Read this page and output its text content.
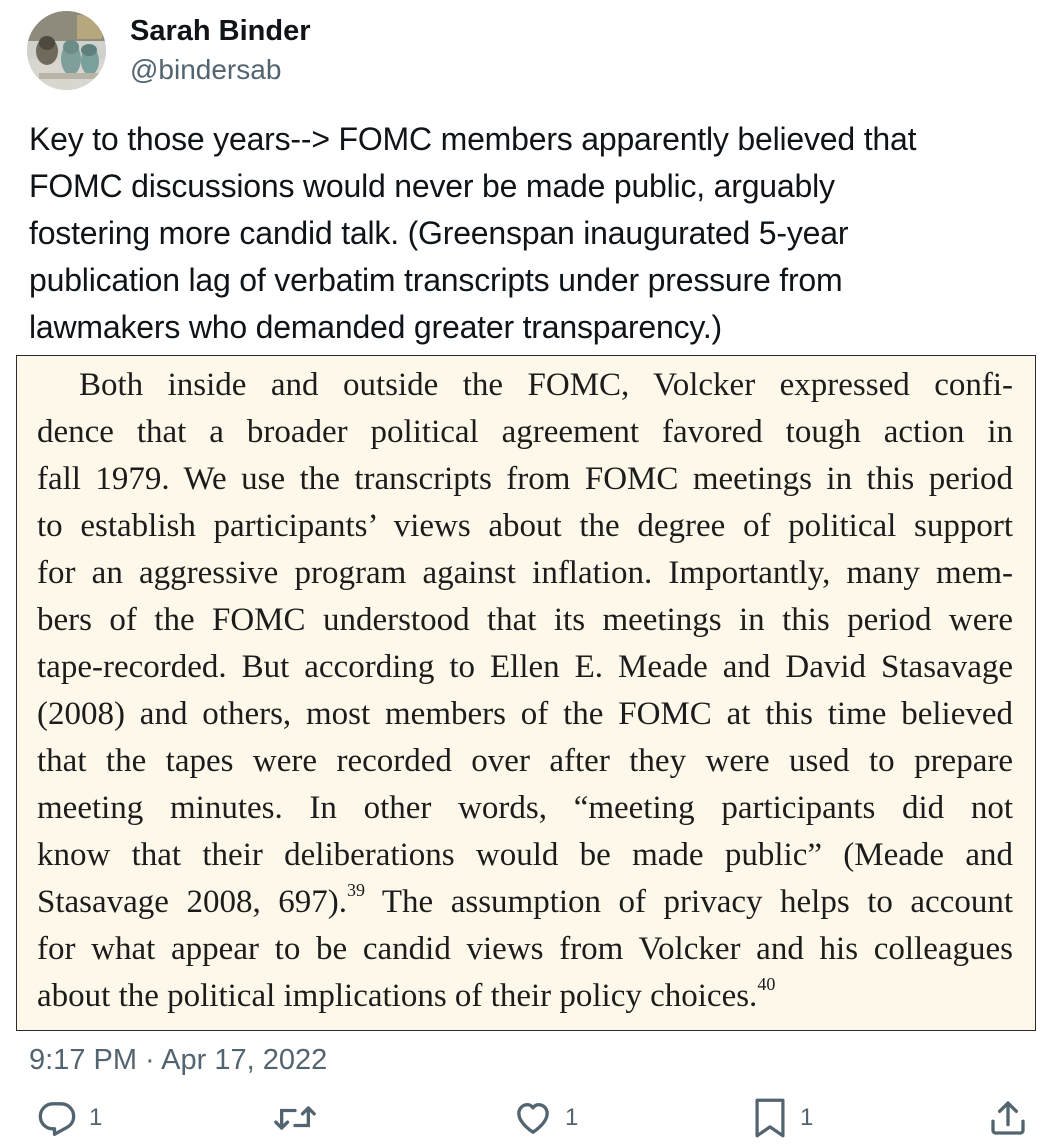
Sarah Binder
@bindersab
Key to those years--> FOMC members apparently believed that
FOMC discussions would never be made public, arguably
fostering more candid talk. (Greenspan inaugurated 5-year
publication lag of verbatim transcripts under pressure from
lawmakers who demanded greater transparency.)
Both inside and outside the FOMC, Volcker expressed confi-
dence that a broader political agreement favored tough action in
fall 1979. We use the transcripts from FOMC meetings in this period
to establish participants’ views about the degree of political support
for an aggressive program against inflation. Importantly, many mem-
bers of the FOMC understood that its meetings in this period were
tape-recorded. But according to Ellen E. Meade and David Stasavage
(2008) and others, most members of the FOMC at this time believed
that the tapes were recorded over after they were used to prepare
meeting minutes. In other words, “meeting participants did not
know that their deliberations would be made public” (Meade and
Stasavage 2008, 697).$^{39}$ The assumption of privacy helps to account
for what appear to be candid views from Volcker and his colleagues
about the political implications of their policy choices.$^{40}$
9:17 PM · Apr 17, 2022
1	1	1
